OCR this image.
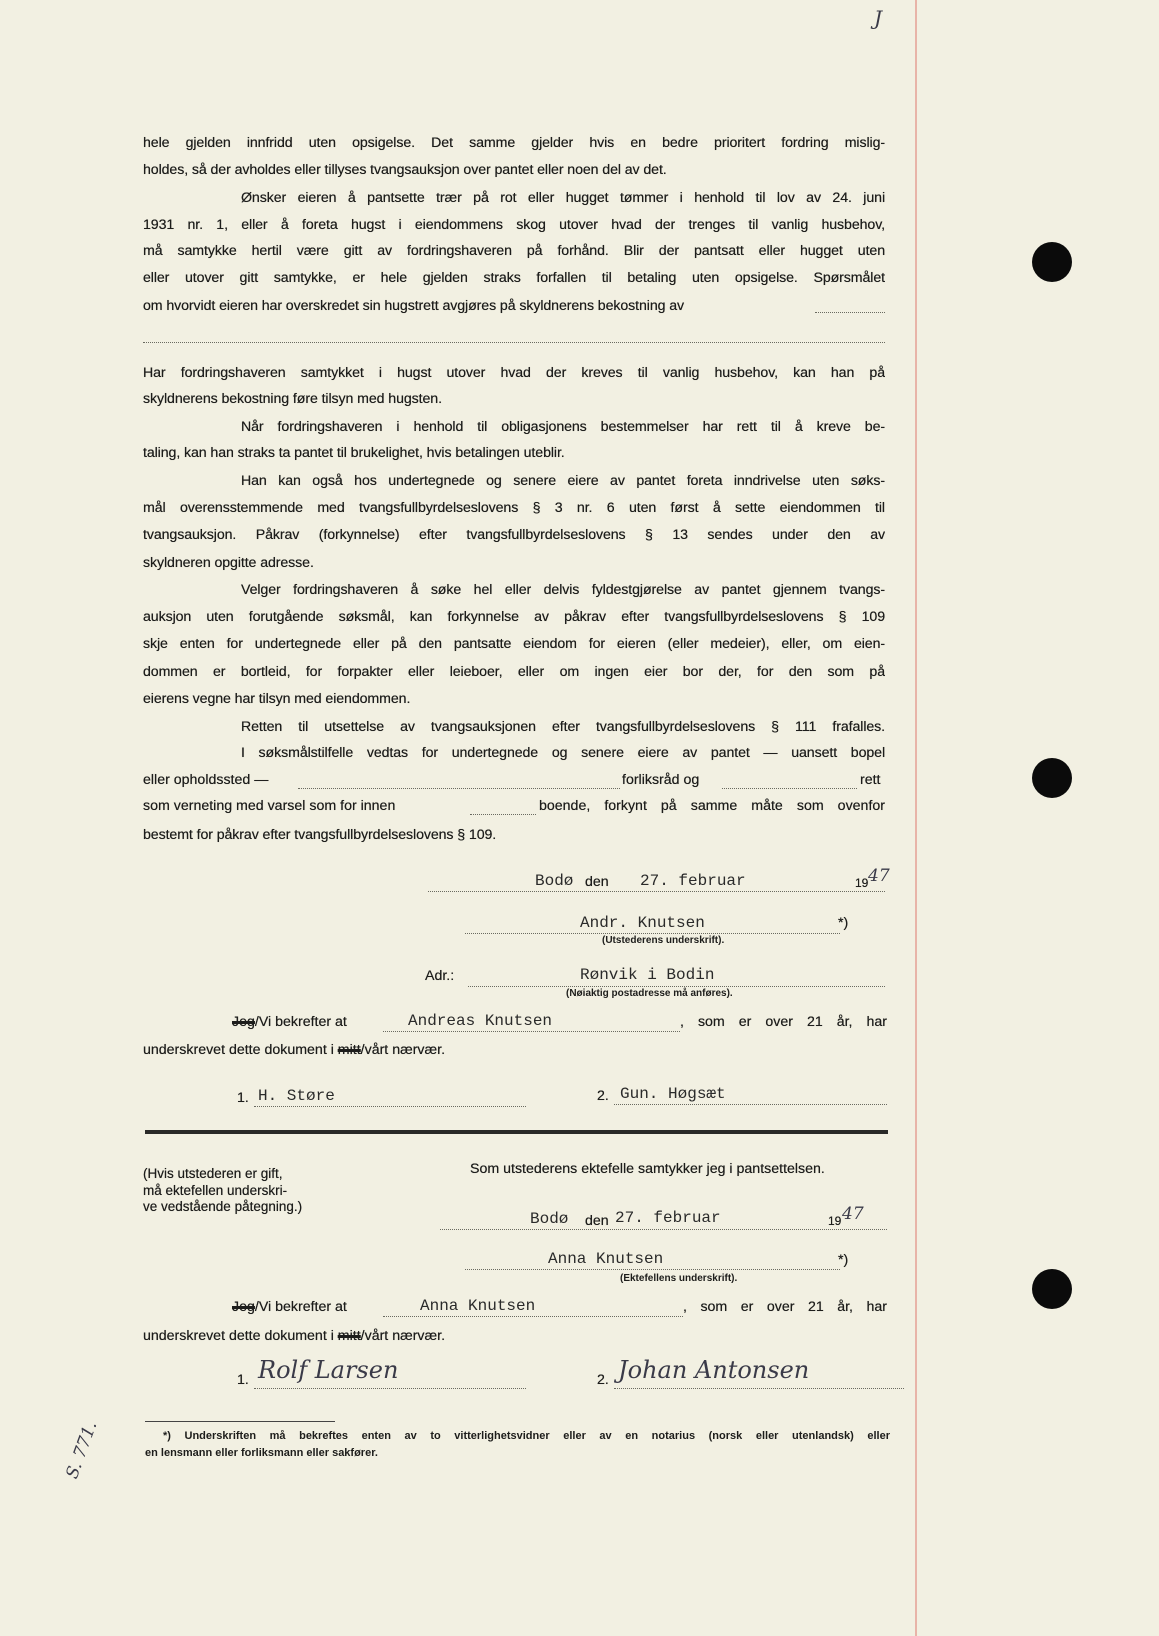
J
hele gjelden innfridd uten opsigelse. Det samme gjelder hvis en bedre prioritert fordring mislig-
holdes, så der avholdes eller tillyses tvangsauksjon over pantet eller noen del av det.
Ønsker eieren å pantsette trær på rot eller hugget tømmer i henhold til lov av 24. juni
1931 nr. 1, eller å foreta hugst i eiendommens skog utover hvad der trenges til vanlig husbehov,
må samtykke hertil være gitt av fordringshaveren på forhånd. Blir der pantsatt eller hugget uten
eller utover gitt samtykke, er hele gjelden straks forfallen til betaling uten opsigelse. Spørsmålet
om hvorvidt eieren har overskredet sin hugstrett avgjøres på skyldnerens bekostning av
Har fordringshaveren samtykket i hugst utover hvad der kreves til vanlig husbehov, kan han på
skyldnerens bekostning føre tilsyn med hugsten.
Når fordringshaveren i henhold til obligasjonens bestemmelser har rett til å kreve be-
taling, kan han straks ta pantet til brukelighet, hvis betalingen uteblir.
Han kan også hos undertegnede og senere eiere av pantet foreta inndrivelse uten søks-
mål overensstemmende med tvangsfullbyrdelseslovens § 3 nr. 6 uten først å sette eiendommen til
tvangsauksjon. Påkrav (forkynnelse) efter tvangsfullbyrdelseslovens § 13 sendes under den av
skyldneren opgitte adresse.
Velger fordringshaveren å søke hel eller delvis fyldestgjørelse av pantet gjennem tvangs-
auksjon uten forutgående søksmål, kan forkynnelse av påkrav efter tvangsfullbyrdelseslovens § 109
skje enten for undertegnede eller på den pantsatte eiendom for eieren (eller medeier), eller, om eien-
dommen er bortleid, for forpakter eller leieboer, eller om ingen eier bor der, for den som på
eierens vegne har tilsyn med eiendommen.
Retten til utsettelse av tvangsauksjonen efter tvangsfullbyrdelseslovens § 111 frafalles.
I søksmålstilfelle vedtas for undertegnede og senere eiere av pantet — uansett bopel
eller opholdssted —	forliksråd og	rett
som verneting med varsel som for innen	boende, forkynt på samme måte som ovenfor
bestemt for påkrav efter tvangsfullbyrdelseslovens § 109.
Bodø den 27. februar	19 47
Andr. Knutsen	*)
(Utstederens underskrift).
Adr.:	Rønvik i Bodin
(Nøiaktig postadresse må anføres).
Jeg/Vi bekrefter at	Andreas Knutsen	, som er over 21 år, har
underskrevet dette dokument i mitt/vårt nærvær.
1. H. Støre	2. Gun. Høgsæt
(Hvis utstederen er gift,
må ektefellen underskri-
ve vedstående påtegning.)
Som utstederens ektefelle samtykker jeg i pantsettelsen.
Bodø den 27. februar	19 47
Anna Knutsen	*)
(Ektefellens underskrift).
Jeg/Vi bekrefter at	Anna Knutsen	, som er over 21 år, har
underskrevet dette dokument i mitt/vårt nærvær.
1. Rolf Larsen	2. Johan Antonsen
*) Underskriften må bekreftes enten av to vitterlighetsvidner eller av en notarius (norsk eller utenlandsk) eller
en lensmann eller forliksmann eller sakfører.
S. 771.
